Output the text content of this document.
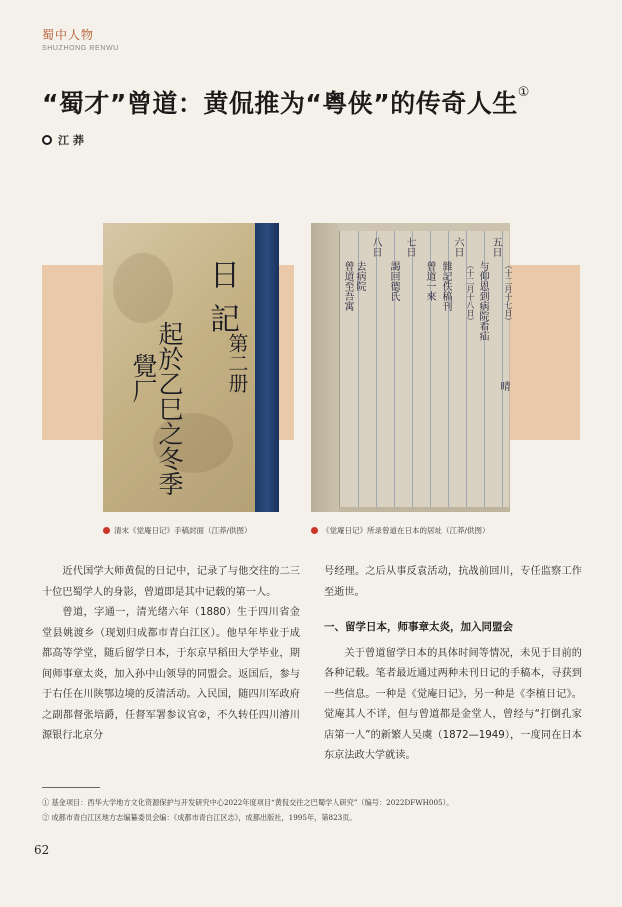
蜀中人物
SHUZHONG RENWU
“蜀才”曾道：黄侃推为“粤侠”的传奇人生①
江 莽
日
記
第二册
起於乙巳之冬季
覺厂
五日
（十二月十七日）
与仰恩到病院看疝
六日
（十二月十八日）
雜記佚稿刊
曾道一來
七日
謁回德氏
八日
晴
去病院
曾道至吾寓
清末《觉庵日记》手稿封面（江莽/供图）	《觉庵日记》所录曾道在日本的居址（江莽/供图）

近代国学大师黄侃的日记中，记录了与他交往的二三十位巴蜀学人的身影，曾道即是其中记载的第一人。

曾道，字通一，清光绪六年（1880）生于四川省金堂县姚渡乡（现划归成都市青白江区）。他早年毕业于成都高等学堂，随后留学日本，于东京早稻田大学毕业，期间师事章太炎，加入孙中山领导的同盟会。返国后，参与于右任在川陕鄂边境的反清活动。入民国，随四川军政府之副都督张培爵，任督军署参议官②，不久转任四川濬川源银行北京分

号经理。之后从事反袁活动，抗战前回川，专任监察工作至逝世。

一、留学日本，师事章太炎，加入同盟会

关于曾道留学日本的具体时间等情况，未见于目前的各种记载。笔者最近通过两种未刊日记的手稿本，寻获到一些信息。一种是《觉庵日记》，另一种是《李植日记》。觉庵其人不详，但与曾道都是金堂人，曾经与“打倒孔家店第一人”的新繁人吴虞（1872—1949），一度同在日本东京法政大学就读。

① 基金项目：西华大学地方文化资源保护与开发研究中心2022年度项目“黄侃交往之巴蜀学人研究”（编号：2022DFWH005）。
② 成都市青白江区地方志编纂委员会编：《成都市青白江区志》，成都出版社，1995年，第823页。
62
